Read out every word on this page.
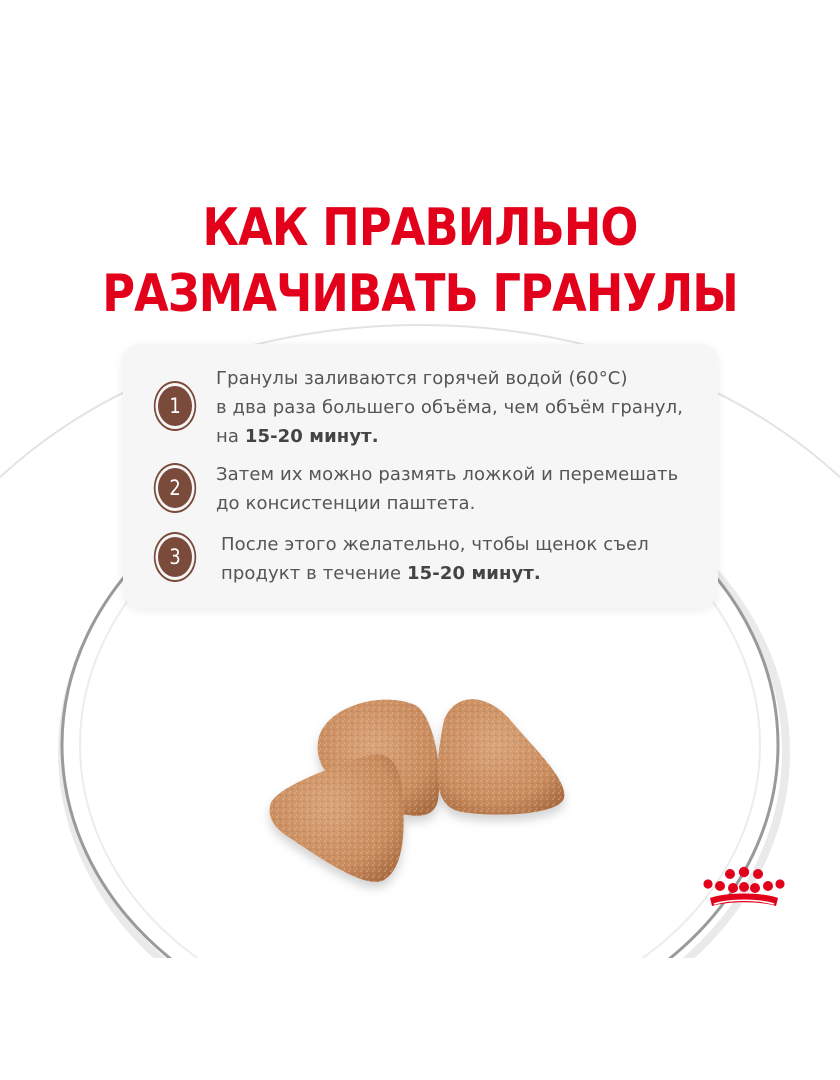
КАК ПРАВИЛЬНО
РАЗМАЧИВАТЬ ГРАНУЛЫ
1
Гранулы заливаются горячей водой (60°С)
в два раза большего объёма, чем объём гранул,
на 15-20 минут.
2
Затем их можно размять ложкой и перемешать
до консистенции паштета.
3
После этого желательно, чтобы щенок съел
продукт в течение 15-20 минут.
